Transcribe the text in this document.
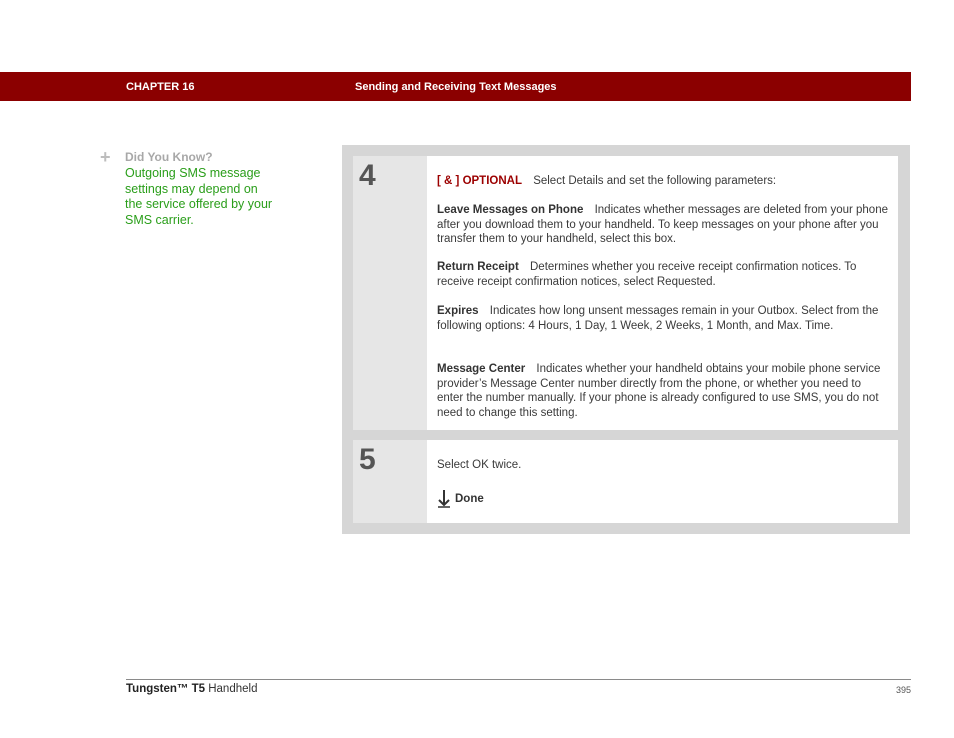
CHAPTER 16	Sending and Receiving Text Messages
+ Did You Know?
Outgoing SMS message settings may depend on the service offered by your SMS carrier.
4	[ & ] OPTIONAL Select Details and set the following parameters:
Leave Messages on Phone Indicates whether messages are deleted from your phone after you download them to your handheld. To keep messages on your phone after you transfer them to your handheld, select this box.
Return Receipt Determines whether you receive receipt confirmation notices. To receive receipt confirmation notices, select Requested.
Expires Indicates how long unsent messages remain in your Outbox. Select from the following options: 4 Hours, 1 Day, 1 Week, 2 Weeks, 1 Month, and Max. Time.
Message Center Indicates whether your handheld obtains your mobile phone service provider’s Message Center number directly from the phone, or whether you need to enter the number manually. If your phone is already configured to use SMS, you do not need to change this setting.
5	Select OK twice.
Done
Tungsten™ T5 Handheld	395
